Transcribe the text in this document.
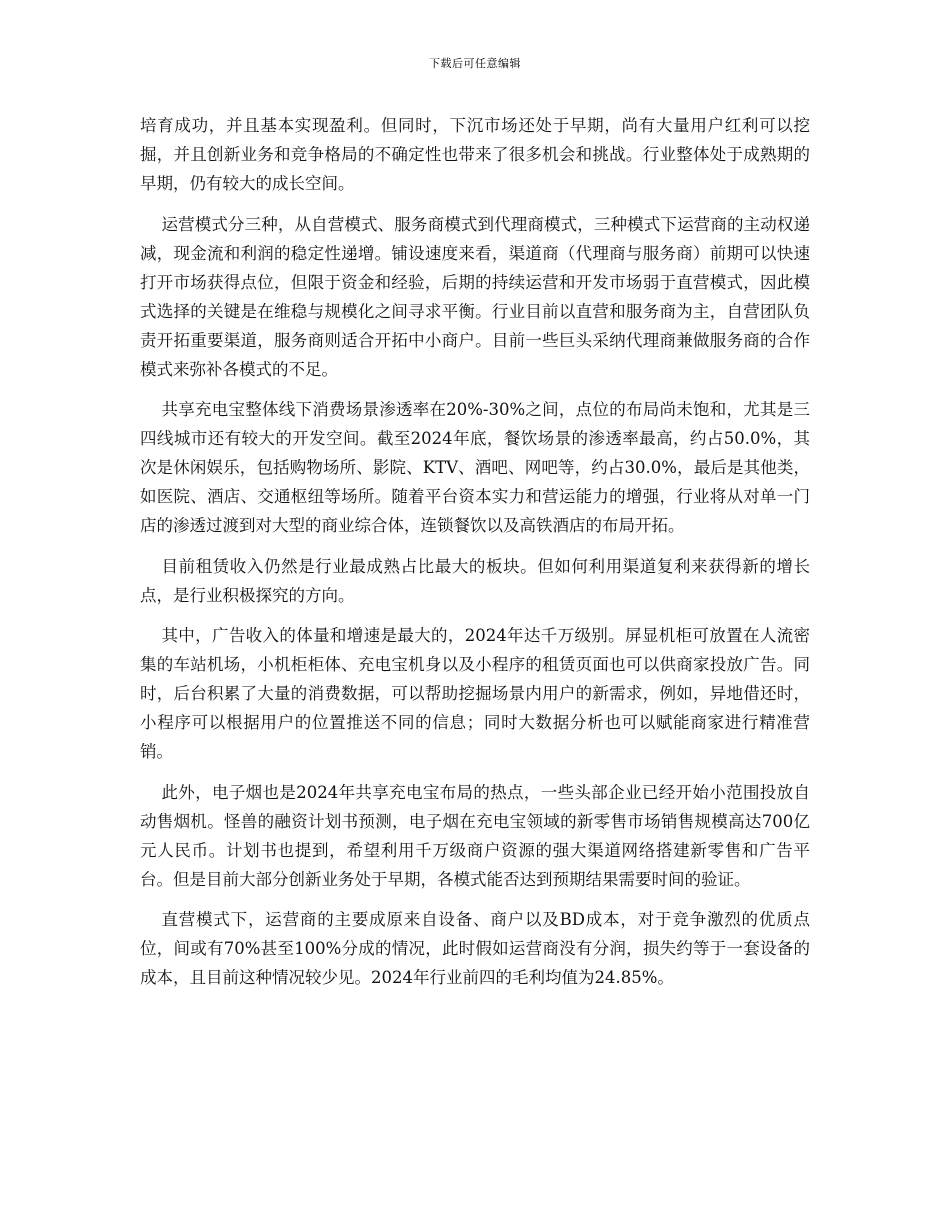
下载后可任意编辑

培育成功，并且基本实现盈利。但同时，下沉市场还处于早期，尚有大量用户红利可以挖掘，并且创新业务和竞争格局的不确定性也带来了很多机会和挑战。行业整体处于成熟期的早期，仍有较大的成长空间。

运营模式分三种，从自营模式、服务商模式到代理商模式，三种模式下运营商的主动权递减，现金流和利润的稳定性递增。铺设速度来看，渠道商（代理商与服务商）前期可以快速打开市场获得点位，但限于资金和经验，后期的持续运营和开发市场弱于直营模式，因此模式选择的关键是在维稳与规模化之间寻求平衡。行业目前以直营和服务商为主，自营团队负责开拓重要渠道，服务商则适合开拓中小商户。目前一些巨头采纳代理商兼做服务商的合作模式来弥补各模式的不足。

共享充电宝整体线下消费场景渗透率在20%-30%之间，点位的布局尚未饱和，尤其是三四线城市还有较大的开发空间。截至2024年底，餐饮场景的渗透率最高，约占50.0%，其次是休闲娱乐，包括购物场所、影院、KTV、酒吧、网吧等，约占30.0%，最后是其他类，如医院、酒店、交通枢纽等场所。随着平台资本实力和营运能力的增强，行业将从对单一门店的渗透过渡到对大型的商业综合体，连锁餐饮以及高铁酒店的布局开拓。

目前租赁收入仍然是行业最成熟占比最大的板块。但如何利用渠道复利来获得新的增长点，是行业积极探究的方向。

其中，广告收入的体量和增速是最大的，2024年达千万级别。屏显机柜可放置在人流密集的车站机场，小机柜柜体、充电宝机身以及小程序的租赁页面也可以供商家投放广告。同时，后台积累了大量的消费数据，可以帮助挖掘场景内用户的新需求，例如，异地借还时，小程序可以根据用户的位置推送不同的信息；同时大数据分析也可以赋能商家进行精准营销。

此外，电子烟也是2024年共享充电宝布局的热点，一些头部企业已经开始小范围投放自动售烟机。怪兽的融资计划书预测，电子烟在充电宝领域的新零售市场销售规模高达700亿元人民币。计划书也提到，希望利用千万级商户资源的强大渠道网络搭建新零售和广告平台。但是目前大部分创新业务处于早期，各模式能否达到预期结果需要时间的验证。

直营模式下，运营商的主要成原来自设备、商户以及BD成本，对于竞争激烈的优质点位，间或有70%甚至100%分成的情况，此时假如运营商没有分润，损失约等于一套设备的成本，且目前这种情况较少见。2024年行业前四的毛利均值为24.85%。
